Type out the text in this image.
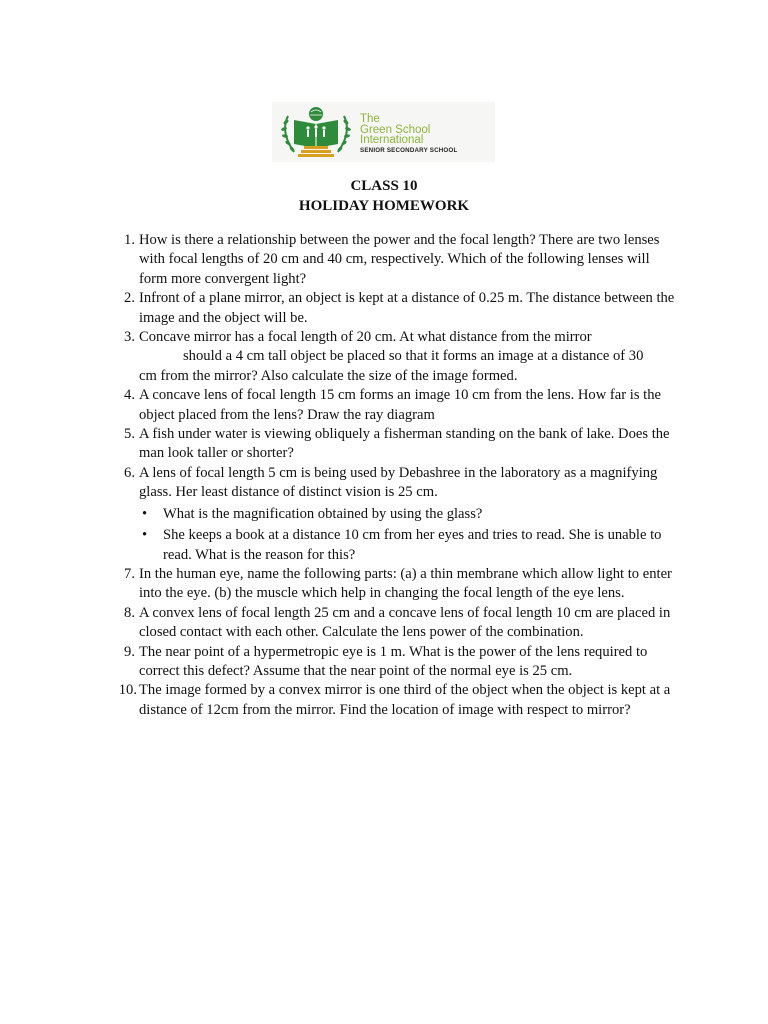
The
Green School
International
SENIOR SECONDARY SCHOOL
CLASS 10
HOLIDAY HOMEWORK
1. How is there a relationship between the power and the focal length? There are two lenses with focal lengths of 20 cm and 40 cm, respectively. Which of the following lenses will form more convergent light?
2. Infront of a plane mirror, an object is kept at a distance of 0.25 m. The distance between the image and the object will be.
3. Concave mirror has a focal length of 20 cm. At what distance from the mirror
should a 4 cm tall object be placed so that it forms an image at a distance of 30
cm from the mirror? Also calculate the size of the image formed.
4. A concave lens of focal length 15 cm forms an image 10 cm from the lens. How far is the object placed from the lens? Draw the ray diagram
5. A fish under water is viewing obliquely a fisherman standing on the bank of lake. Does the man look taller or shorter?
6. A lens of focal length 5 cm is being used by Debashree in the laboratory as a magnifying glass. Her least distance of distinct vision is 25 cm.
• What is the magnification obtained by using the glass?
• She keeps a book at a distance 10 cm from her eyes and tries to read. She is unable to read. What is the reason for this?
7. In the human eye, name the following parts: (a) a thin membrane which allow light to enter into the eye. (b) the muscle which help in changing the focal length of the eye lens.
8. A convex lens of focal length 25 cm and a concave lens of focal length 10 cm are placed in closed contact with each other. Calculate the lens power of the combination.
9. The near point of a hypermetropic eye is 1 m. What is the power of the lens required to correct this defect? Assume that the near point of the normal eye is 25 cm.
10. The image formed by a convex mirror is one third of the object when the object is kept at a distance of 12cm from the mirror. Find the location of image with respect to mirror?
